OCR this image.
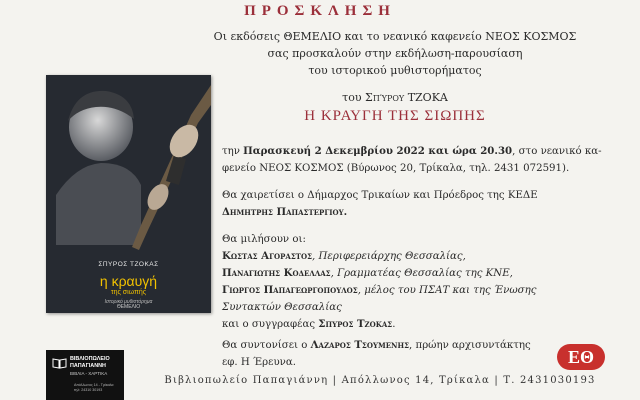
ΠΡΟΣΚΛΗΣΗ
Οι εκδόσεις ΘΕΜΕΛΙΟ και το νεανικό καφενείο ΝΕΟΣ ΚΟΣΜΟΣ
σας προσκαλούν στην εκδήλωση-παρουσίαση
του ιστορικού μυθιστορήματος
του Σπύρου ΤΖΟΚΑ
Η ΚΡΑΥΓΗ ΤΗΣ ΣΙΩΠΗΣ

την Παρασκευή 2 Δεκεμβρίου 2022 και ώρα 20.30, στο νεανικό κα-

φενείο ΝΕΟΣ ΚΟΣΜΟΣ (Βύρωνος 20, Τρίκαλα, τηλ. 2431 072591).

Θα χαιρετίσει ο Δήμαρχος Τρικαίων και Πρόεδρος της ΚΕΔΕ

Δημητρης Παπαστεργιου.

Θα μιλήσουν οι:

Κωστας Αγοραστος, Περιφερειάρχης Θεσσαλίας,

Παναγιωτης Κοδελλας, Γραμματέας Θεσσαλίας της ΚΝΕ,

Γιωργος Παπαγεωργοπουλος, μέλος του ΠΣΑΤ και της Ένωσης

Συντακτών Θεσσαλίας

και ο συγγραφέας Σπυρος Τζοκας.

Θα συντονίσει ο Λαζαρος Τσουμενης, πρώην αρχισυντάκτης

εφ. Η Έρευνα.

ΣΠΥΡΟΣ ΤΖΟΚΑΣ
η κραυγή
της σιωπής
Ιστορικό μυθιστόρημα
ΘΕΜΕΛΙΟ
ΒΙΒΛΙΟΠΩΛΕΙΟ
ΠΑΠΑΓΙΑΝΝΗ
ΒΙΒΛΙΑ - ΧΑΡΤΙΚΑ
Απόλλωνος 14 - Τρίκαλα
τηλ: 24310 30193
Βιβλιοπωλείο Παπαγιάννη | Απόλλωνος 14, Τρίκαλα | Τ. 2431030193
ΕΘ
